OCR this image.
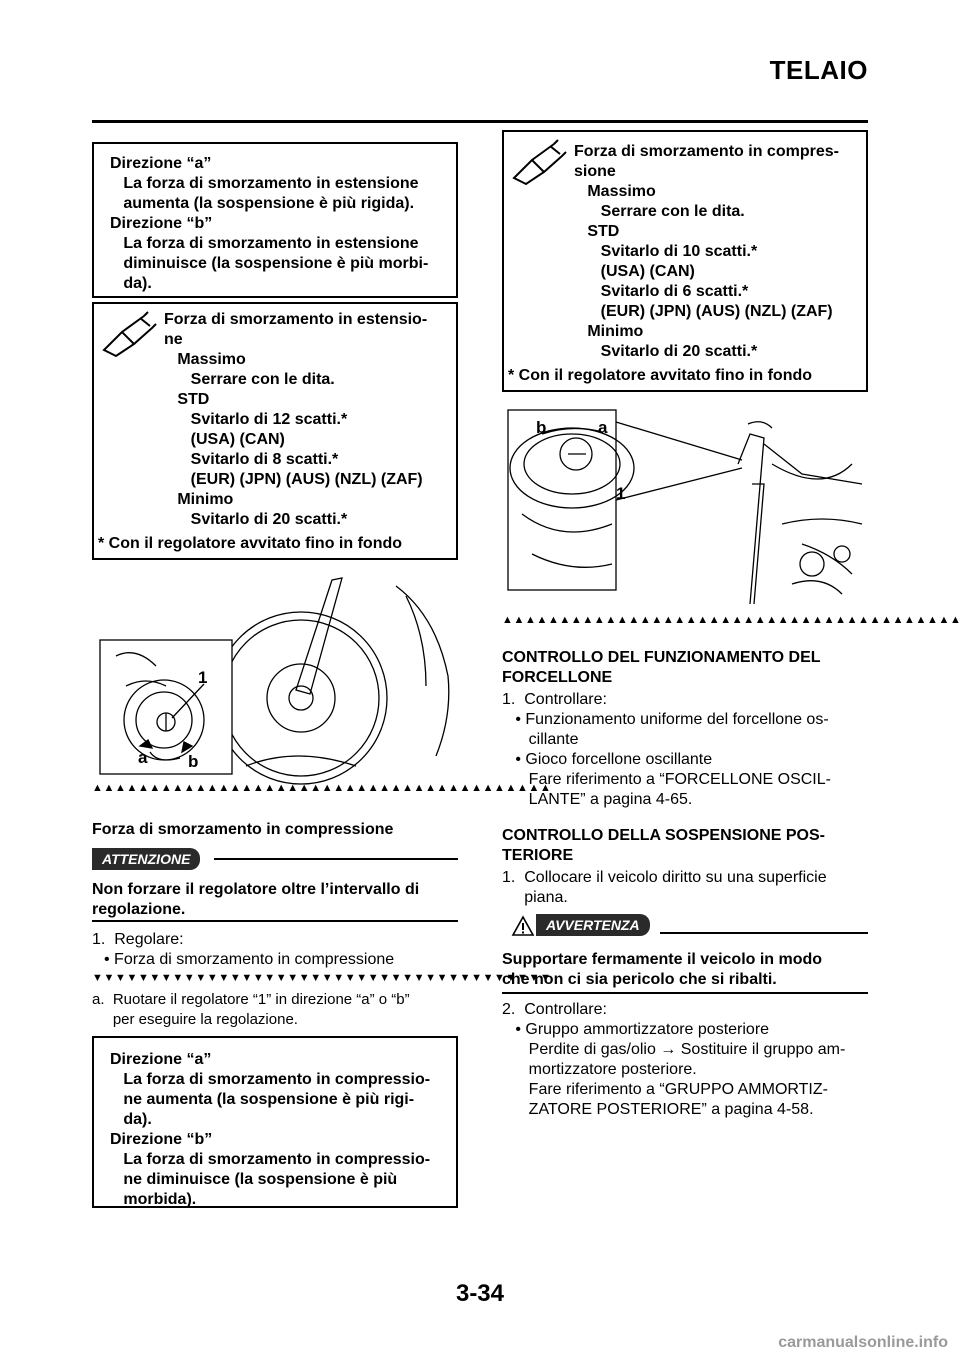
TELAIO
Direzione “a”
La forza di smorzamento in estensione
aumenta (la sospensione è più rigida).
Direzione “b”
La forza di smorzamento in estensione
diminuisce (la sospensione è più morbi-
da).
Forza di smorzamento in estensio-
ne
Massimo
Serrare con le dita.
STD
Svitarlo di 12 scatti.*
(USA) (CAN)
Svitarlo di 8 scatti.*
(EUR) (JPN) (AUS) (NZL) (ZAF)
Minimo
Svitarlo di 20 scatti.*
* Con il regolatore avvitato fino in fondo
1
a b
▲▲▲▲▲▲▲▲▲▲▲▲▲▲▲▲▲▲▲▲▲▲▲▲▲▲▲▲▲▲▲▲▲▲▲▲▲▲▲▲
Forza di smorzamento in compressione
ATTENZIONE
Non forzare il regolatore oltre l’intervallo di
regolazione.
1.  Regolare:
• Forza di smorzamento in compressione
▼▼▼▼▼▼▼▼▼▼▼▼▼▼▼▼▼▼▼▼▼▼▼▼▼▼▼▼▼▼▼▼▼▼▼▼▼▼▼▼
a.  Ruotare il regolatore “1” in direzione “a” o “b”
per eseguire la regolazione.
Direzione “a”
La forza di smorzamento in compressio-
ne aumenta (la sospensione è più rigi-
da).
Direzione “b”
La forza di smorzamento in compressio-
ne diminuisce (la sospensione è più
morbida).
Forza di smorzamento in compres-
sione
Massimo
Serrare con le dita.
STD
Svitarlo di 10 scatti.*
(USA) (CAN)
Svitarlo di 6 scatti.*
(EUR) (JPN) (AUS) (NZL) (ZAF)
Minimo
Svitarlo di 20 scatti.*
* Con il regolatore avvitato fino in fondo
b	a
1
▲▲▲▲▲▲▲▲▲▲▲▲▲▲▲▲▲▲▲▲▲▲▲▲▲▲▲▲▲▲▲▲▲▲▲▲▲▲▲▲
CONTROLLO DEL FUNZIONAMENTO DEL
FORCELLONE
1.  Controllare:
• Funzionamento uniforme del forcellone os-
cillante
• Gioco forcellone oscillante
Fare riferimento a “FORCELLONE OSCIL-
LANTE” a pagina 4-65.
CONTROLLO DELLA SOSPENSIONE POS-
TERIORE
1.  Collocare il veicolo diritto su una superficie
piana.
AVVERTENZA
Supportare fermamente il veicolo in modo
che non ci sia pericolo che si ribalti.
2.  Controllare:
• Gruppo ammortizzatore posteriore
Perdite di gas/olio → Sostituire il gruppo am-
mortizzatore posteriore.
Fare riferimento a “GRUPPO AMMORTIZ-
ZATORE POSTERIORE” a pagina 4-58.
3-34
carmanualsonline.info
